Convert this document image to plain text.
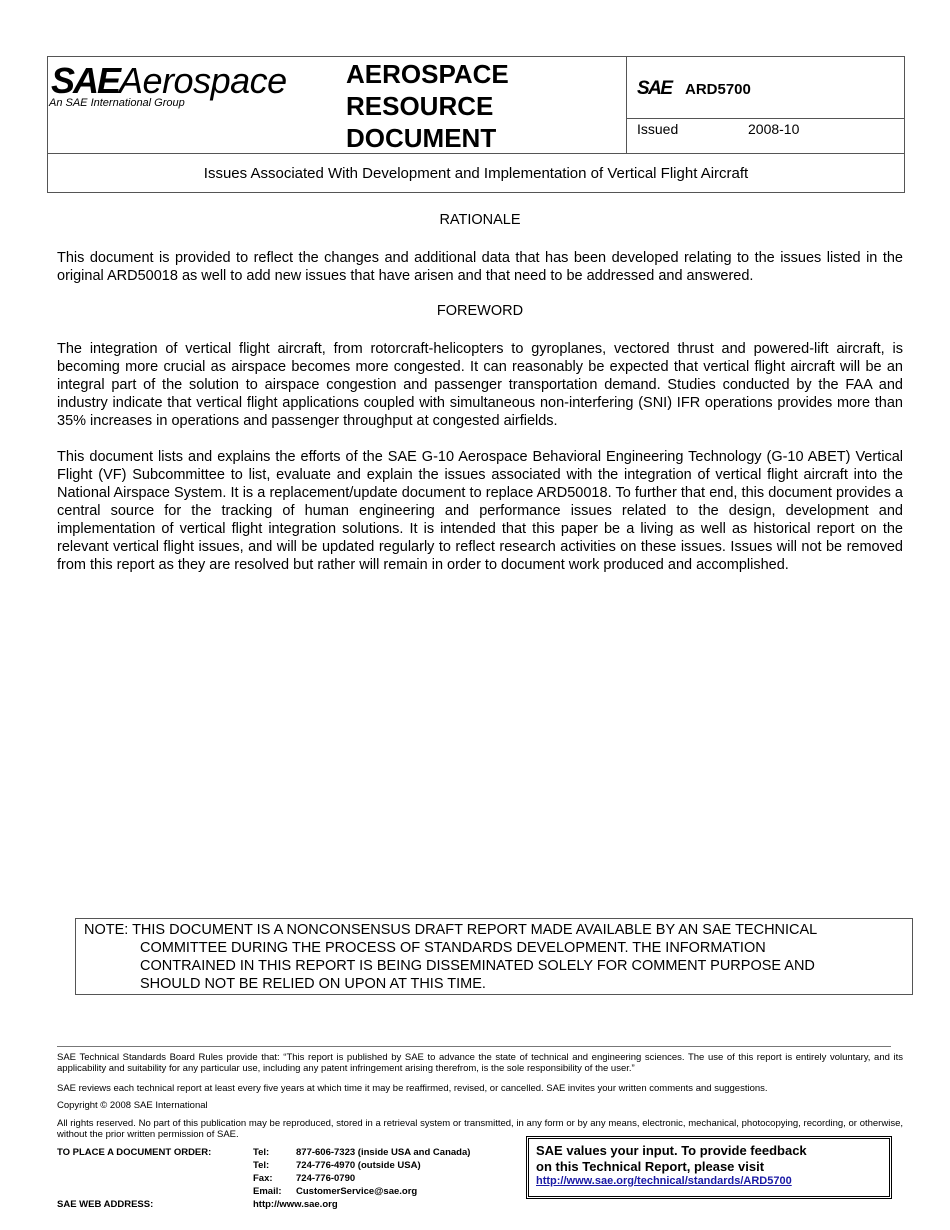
SAEAerospace
An SAE International Group
AEROSPACE
RESOURCE
DOCUMENT
SAE ARD5700
Issued	2008-10
Issues Associated With Development and Implementation of Vertical Flight Aircraft
RATIONALE
This document is provided to reflect the changes and additional data that has been developed relating to the issues listed in the original ARD50018 as well to add new issues that have arisen and that need to be addressed and answered.
FOREWORD
The integration of vertical flight aircraft, from rotorcraft-helicopters to gyroplanes, vectored thrust and powered-lift aircraft, is becoming more crucial as airspace becomes more congested. It can reasonably be expected that vertical flight aircraft will be an integral part of the solution to airspace congestion and passenger transportation demand. Studies conducted by the FAA and industry indicate that vertical flight applications coupled with simultaneous non-interfering (SNI) IFR operations provides more than 35% increases in operations and passenger throughput at congested airfields.
This document lists and explains the efforts of the SAE G-10 Aerospace Behavioral Engineering Technology (G-10 ABET) Vertical Flight (VF) Subcommittee to list, evaluate and explain the issues associated with the integration of vertical flight aircraft into the National Airspace System. It is a replacement/update document to replace ARD50018. To further that end, this document provides a central source for the tracking of human engineering and performance issues related to the design, development and implementation of vertical flight integration solutions. It is intended that this paper be a living as well as historical report on the relevant vertical flight issues, and will be updated regularly to reflect research activities on these issues. Issues will not be removed from this report as they are resolved but rather will remain in order to document work produced and accomplished.
NOTE: THIS DOCUMENT IS A NONCONSENSUS DRAFT REPORT MADE AVAILABLE BY AN SAE TECHNICAL
COMMITTEE DURING THE PROCESS OF STANDARDS DEVELOPMENT. THE INFORMATION
CONTRAINED IN THIS REPORT IS BEING DISSEMINATED SOLELY FOR COMMENT PURPOSE AND
SHOULD NOT BE RELIED ON UPON AT THIS TIME.
SAE Technical Standards Board Rules provide that: “This report is published by SAE to advance the state of technical and engineering sciences. The use of this report is entirely voluntary, and its applicability and suitability for any particular use, including any patent infringement arising therefrom, is the sole responsibility of the user.”
SAE reviews each technical report at least every five years at which time it may be reaffirmed, revised, or cancelled. SAE invites your written comments and suggestions.
Copyright © 2008 SAE International
All rights reserved. No part of this publication may be reproduced, stored in a retrieval system or transmitted, in any form or by any means, electronic, mechanical, photocopying, recording, or otherwise, without the prior written permission of SAE.
TO PLACE A DOCUMENT ORDER:	Tel:	877-606-7323 (inside USA and Canada)
Tel:	724-776-4970 (outside USA)
Fax: 724-776-0790
Email: CustomerService@sae.org
SAE WEB ADDRESS:	http://www.sae.org
SAE values your input. To provide feedback
on this Technical Report, please visit
http://www.sae.org/technical/standards/ARD5700
